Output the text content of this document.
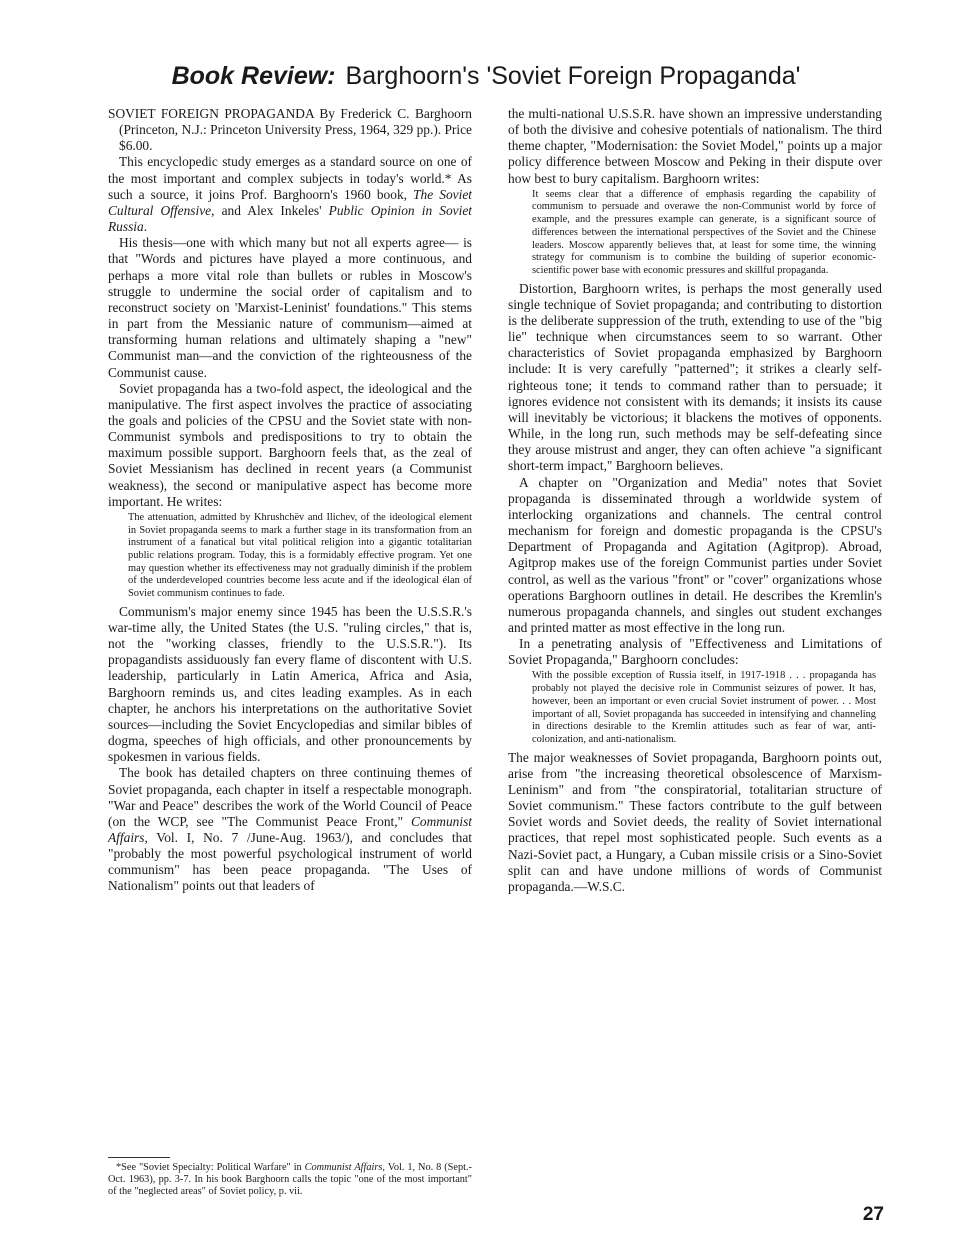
Book Review: Barghoorn's 'Soviet Foreign Propaganda'

SOVIET FOREIGN PROPAGANDA By Frederick C. Barghoorn (Princeton, N.J.: Princeton University Press, 1964, 329 pp.). Price $6.00.

This encyclopedic study emerges as a standard source on one of the most important and complex subjects in today's world.* As such a source, it joins Prof. Barghoorn's 1960 book, The Soviet Cultural Offensive, and Alex Inkeles' Public Opinion in Soviet Russia.

His thesis—one with which many but not all experts agree— is that "Words and pictures have played a more continuous, and perhaps a more vital role than bullets or rubles in Moscow's struggle to undermine the social order of capitalism and to reconstruct society on 'Marxist-Leninist' foundations." This stems in part from the Messianic nature of communism—aimed at transforming human relations and ultimately shaping a "new" Communist man—and the conviction of the righteousness of the Communist cause.

Soviet propaganda has a two-fold aspect, the ideological and the manipulative. The first aspect involves the practice of associating the goals and policies of the CPSU and the Soviet state with non-Communist symbols and predispositions to try to obtain the maximum possible support. Barghoorn feels that, as the zeal of Soviet Messianism has declined in recent years (a Communist weakness), the second or manipulative aspect has become more important. He writes:

The attenuation, admitted by Khrushchëv and Ilichev, of the ideological element in Soviet propaganda seems to mark a further stage in its transformation from an instrument of a fanatical but vital political religion into a gigantic totalitarian public relations program. Today, this is a formidably effective program. Yet one may question whether its effectiveness may not gradually diminish if the problem of the underdeveloped countries become less acute and if the ideological élan of Soviet communism continues to fade.

Communism's major enemy since 1945 has been the U.S.S.R.'s war-time ally, the United States (the U.S. "ruling circles," that is, not the "working classes, friendly to the U.S.S.R."). Its propagandists assiduously fan every flame of discontent with U.S. leadership, particularly in Latin America, Africa and Asia, Barghoorn reminds us, and cites leading examples. As in each chapter, he anchors his interpretations on the authoritative Soviet sources—including the Soviet Encyclopedias and similar bibles of dogma, speeches of high officials, and other pronouncements by spokesmen in various fields.

The book has detailed chapters on three continuing themes of Soviet propaganda, each chapter in itself a respectable monograph. "War and Peace" describes the work of the World Council of Peace (on the WCP, see "The Communist Peace Front," Communist Affairs, Vol. I, No. 7 /June-Aug. 1963/), and concludes that "probably the most powerful psychological instrument of world communism" has been peace propaganda. "The Uses of Nationalism" points out that leaders of

*See "Soviet Specialty: Political Warfare" in Communist Affairs, Vol. 1, No. 8 (Sept.-Oct. 1963), pp. 3-7. In his book Barghoorn calls the topic "one of the most important" of the "neglected areas" of Soviet policy, p. vii.

the multi-national U.S.S.R. have shown an impressive understanding of both the divisive and cohesive potentials of nationalism. The third theme chapter, "Modernisation: the Soviet Model," points up a major policy difference between Moscow and Peking in their dispute over how best to bury capitalism. Barghoorn writes:

It seems clear that a difference of emphasis regarding the capability of communism to persuade and overawe the non-Communist world by force of example, and the pressures example can generate, is a significant source of differences between the international perspectives of the Soviet and the Chinese leaders. Moscow apparently believes that, at least for some time, the winning strategy for communism is to combine the building of superior economic-scientific power base with economic pressures and skillful propaganda.

Distortion, Barghoorn writes, is perhaps the most generally used single technique of Soviet propaganda; and contributing to distortion is the deliberate suppression of the truth, extending to use of the "big lie" technique when circumstances seem to so warrant. Other characteristics of Soviet propaganda emphasized by Barghoorn include: It is very carefully "patterned"; it strikes a clearly self-righteous tone; it tends to command rather than to persuade; it ignores evidence not consistent with its demands; it insists its cause will inevitably be victorious; it blackens the motives of opponents. While, in the long run, such methods may be self-defeating since they arouse mistrust and anger, they can often achieve "a significant short-term impact," Barghoorn believes.

A chapter on "Organization and Media" notes that Soviet propaganda is disseminated through a worldwide system of interlocking organizations and channels. The central control mechanism for foreign and domestic propaganda is the CPSU's Department of Propaganda and Agitation (Agitprop). Abroad, Agitprop makes use of the foreign Communist parties under Soviet control, as well as the various "front" or "cover" organizations whose operations Barghoorn outlines in detail. He describes the Kremlin's numerous propaganda channels, and singles out student exchanges and printed matter as most effective in the long run.

In a penetrating analysis of "Effectiveness and Limitations of Soviet Propaganda," Barghoorn concludes:

With the possible exception of Russia itself, in 1917-1918 . . . propaganda has probably not played the decisive role in Communist seizures of power. It has, however, been an important or even crucial Soviet instrument of power. . . Most important of all, Soviet propaganda has succeeded in intensifying and channeling in directions desirable to the Kremlin attitudes such as fear of war, anti-colonization, and anti-nationalism.

The major weaknesses of Soviet propaganda, Barghoorn points out, arise from "the increasing theoretical obsolescence of Marxism-Leninism" and from "the conspiratorial, totalitarian structure of Soviet communism." These factors contribute to the gulf between Soviet words and Soviet deeds, the reality of Soviet international practices, that repel most sophisticated people. Such events as a Nazi-Soviet pact, a Hungary, a Cuban missile crisis or a Sino-Soviet split can and have undone millions of words of Communist propaganda.—W.S.C.

27
